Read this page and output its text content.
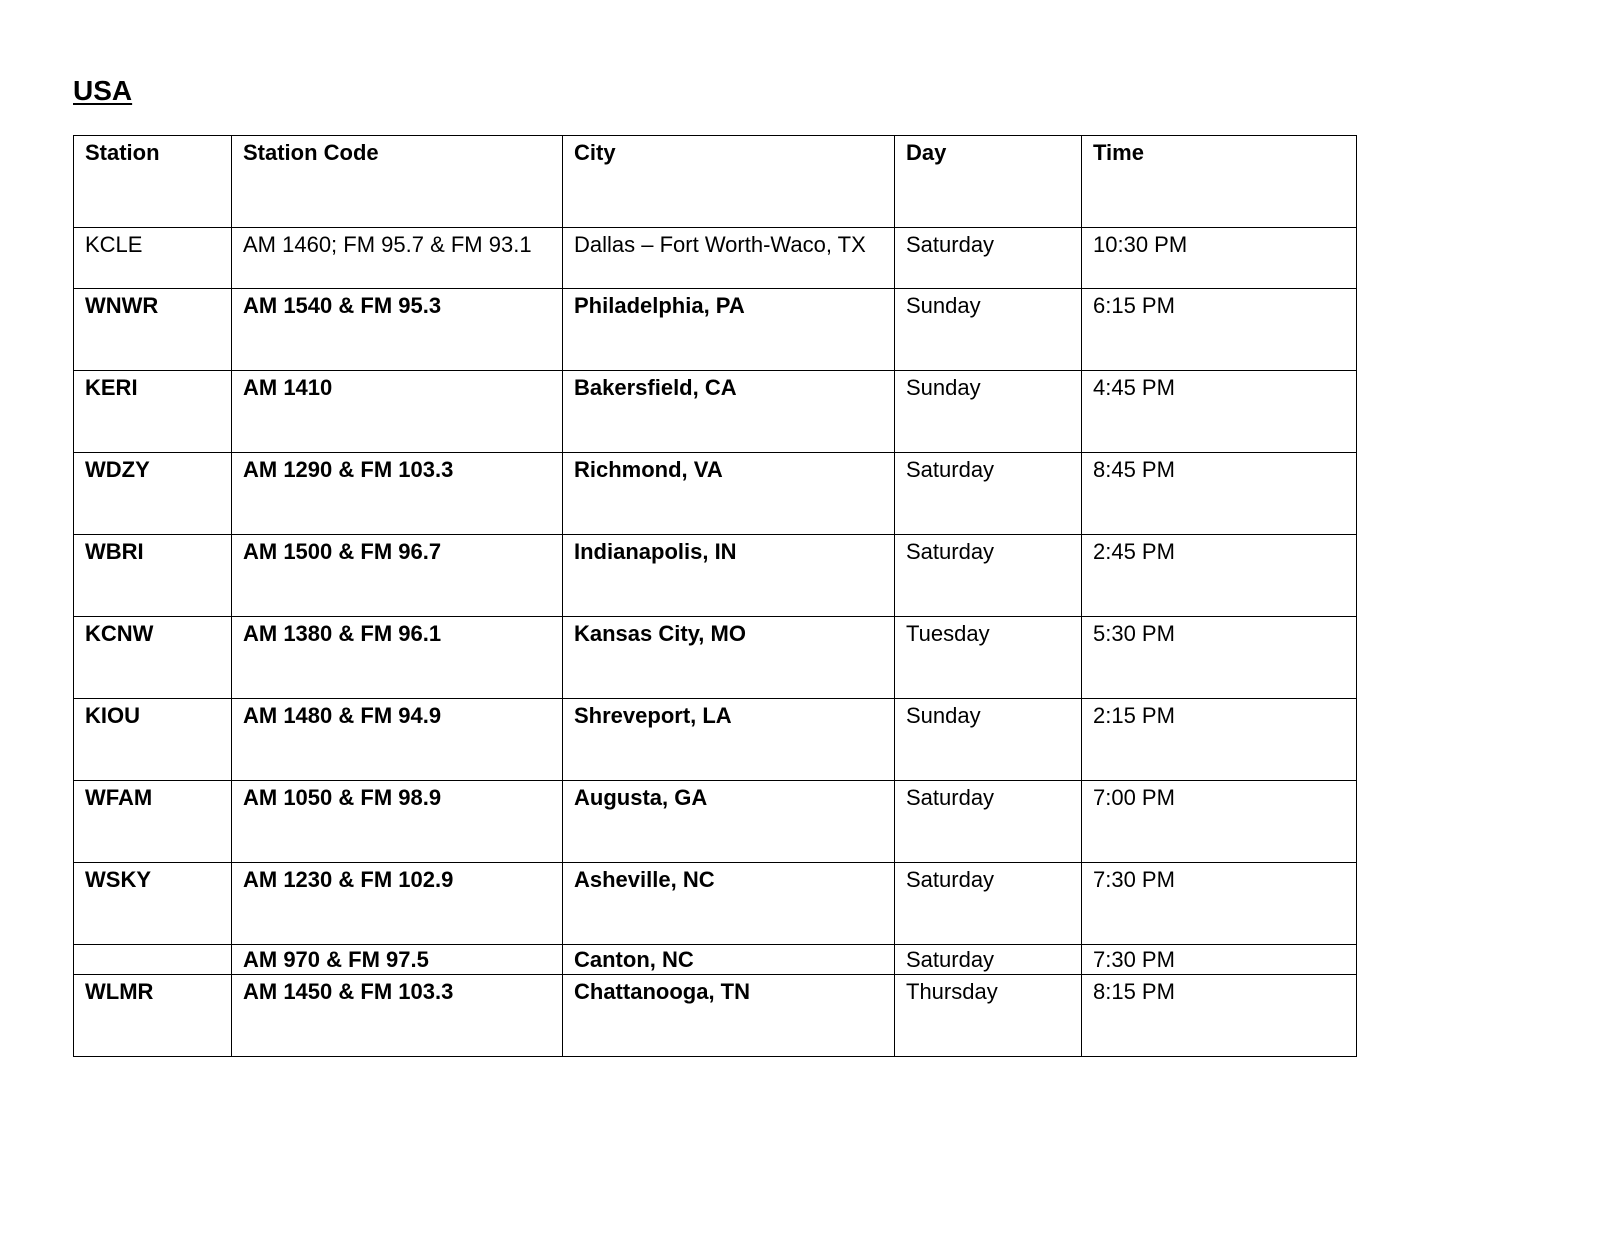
USA
Station	Station Code	City	Day	Time
KCLE	AM 1460; FM 95.7 & FM 93.1	Dallas – Fort Worth-Waco, TX	Saturday	10:30 PM
WNWR	AM 1540 & FM 95.3	Philadelphia, PA	Sunday	6:15 PM
KERI	AM 1410	Bakersfield, CA	Sunday	4:45 PM
WDZY	AM 1290 & FM 103.3	Richmond, VA	Saturday	8:45 PM
WBRI	AM 1500 & FM 96.7	Indianapolis, IN	Saturday	2:45 PM
KCNW	AM 1380 & FM 96.1	Kansas City, MO	Tuesday	5:30 PM
KIOU	AM 1480 & FM 94.9	Shreveport, LA	Sunday	2:15 PM
WFAM	AM 1050 & FM 98.9	Augusta, GA	Saturday	7:00 PM
WSKY	AM 1230 & FM 102.9	Asheville, NC	Saturday	7:30 PM
	AM 970 & FM 97.5	Canton, NC	Saturday	7:30 PM
WLMR	AM 1450 & FM 103.3	Chattanooga, TN	Thursday	8:15 PM
